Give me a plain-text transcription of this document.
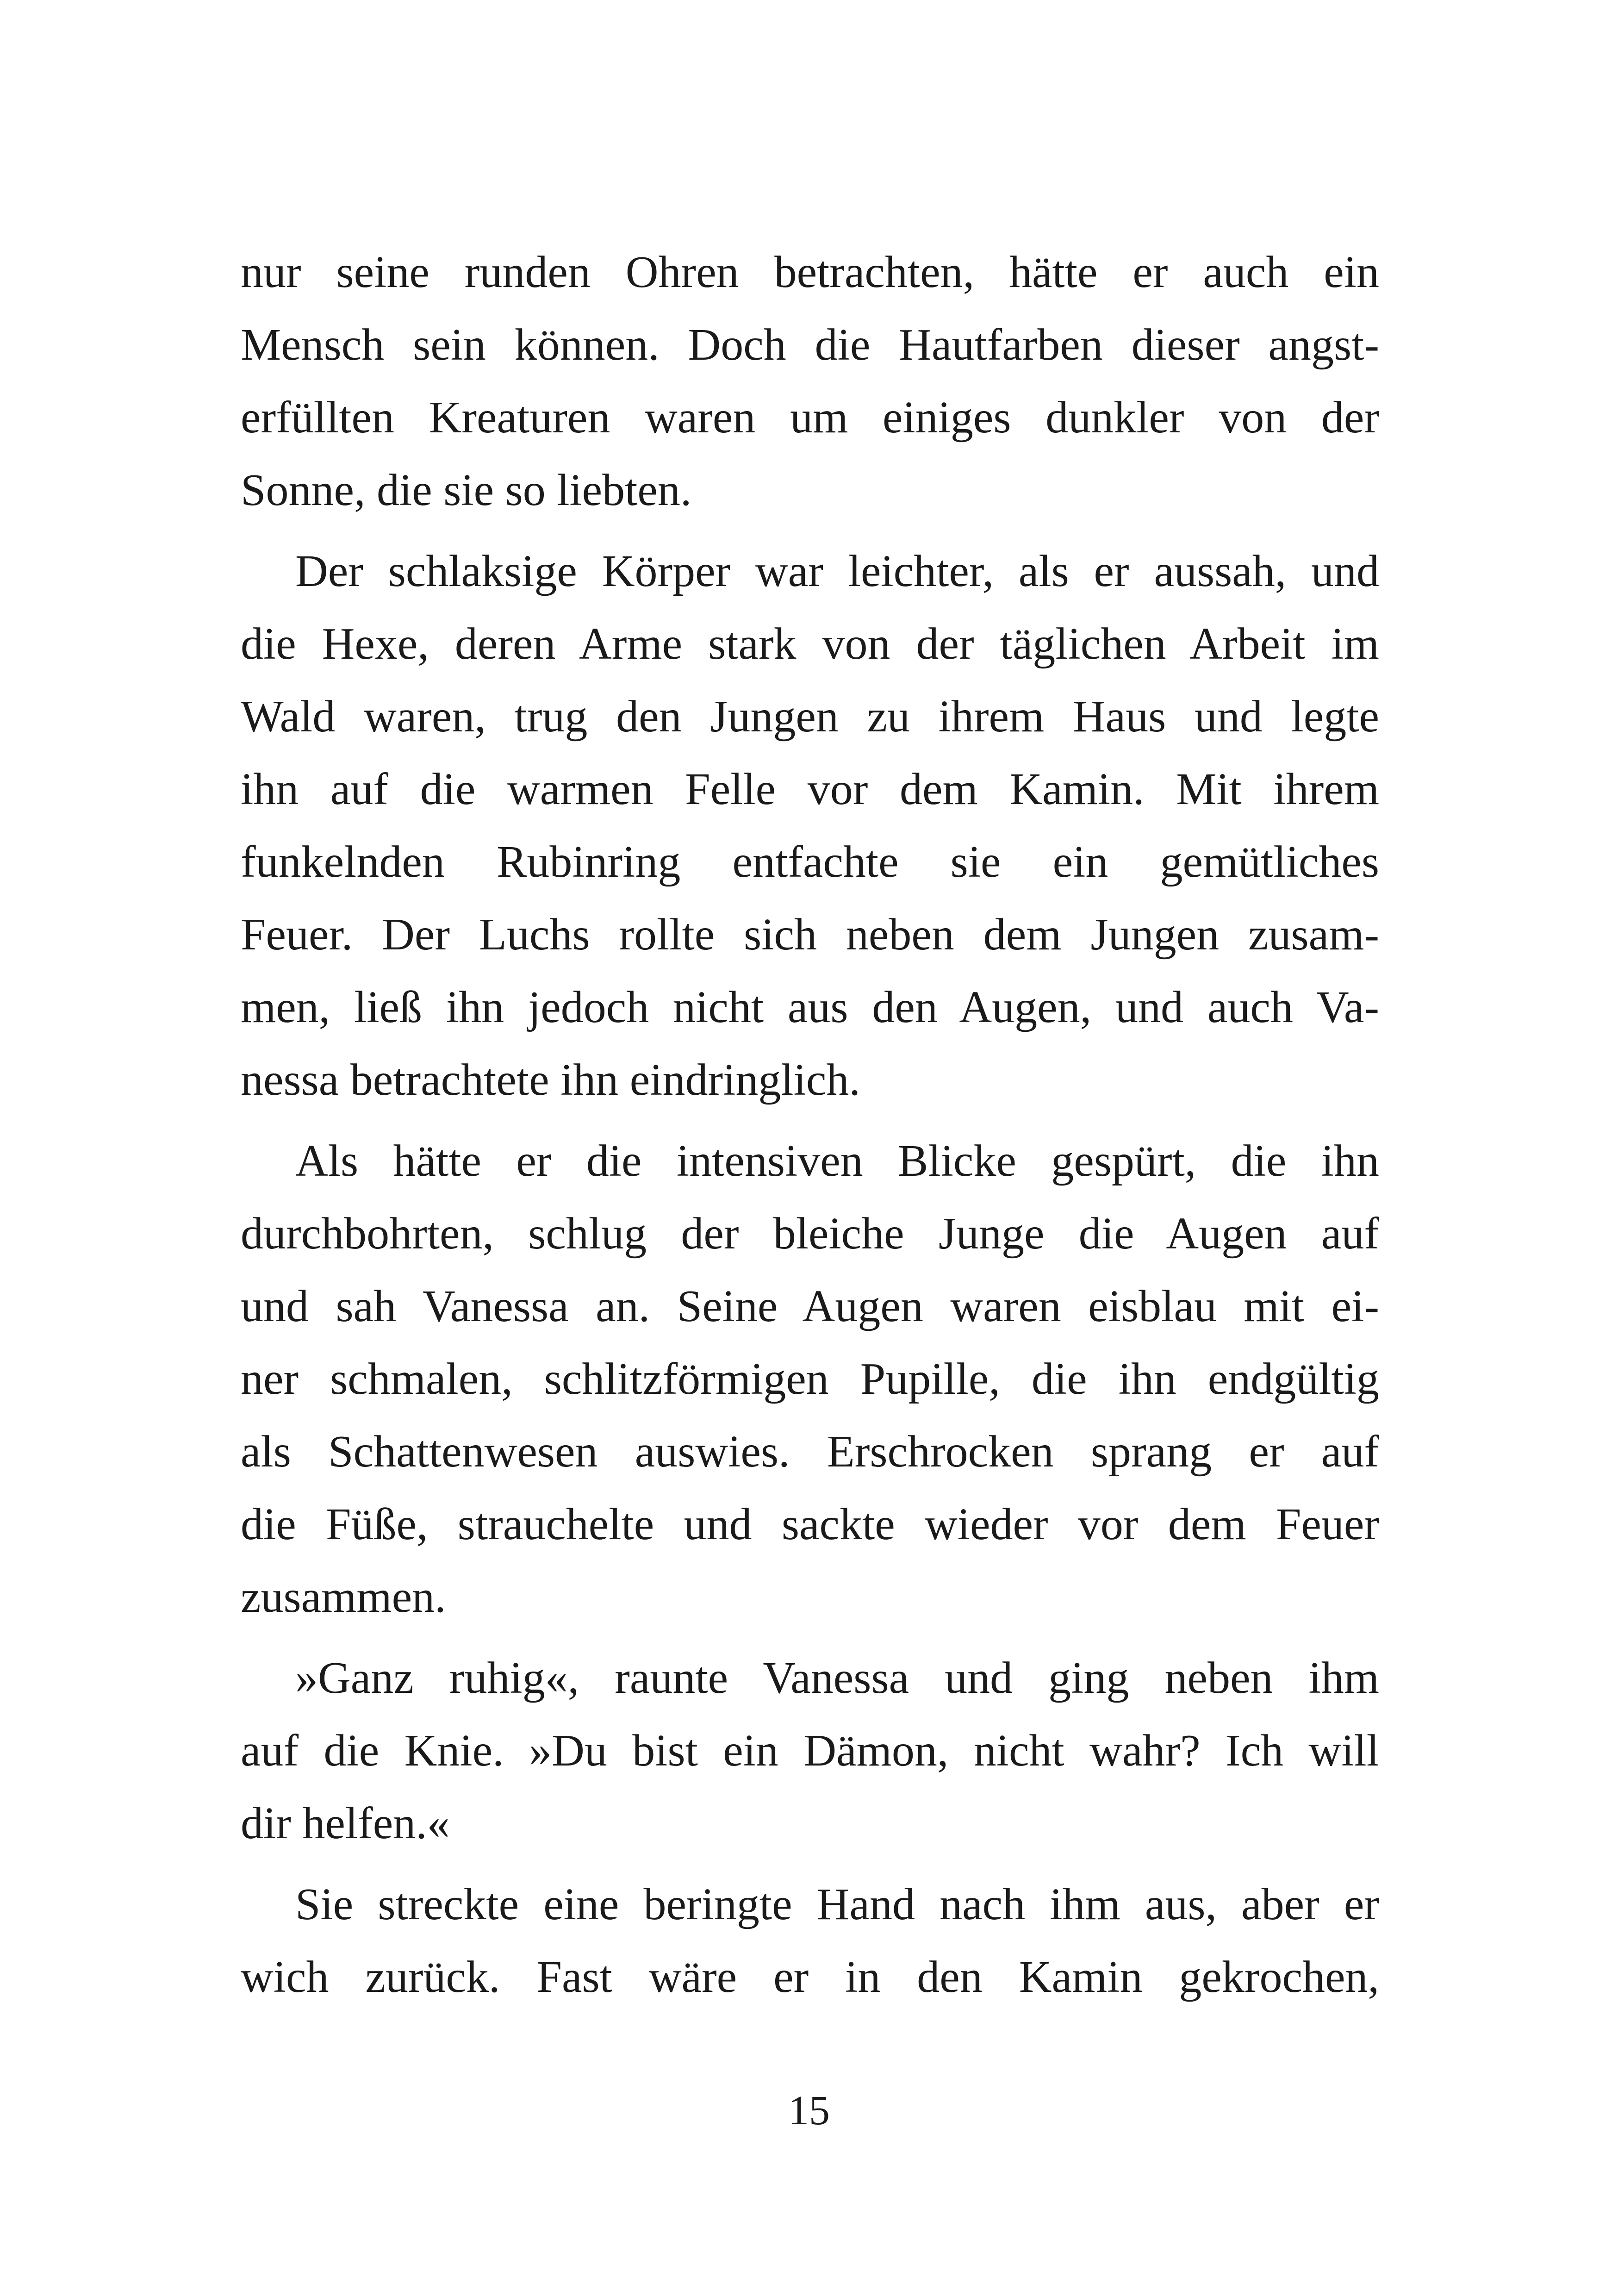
nur seine runden Ohren betrachten, hätte er auch ein
Mensch sein können. Doch die Hautfarben dieser angst-
erfüllten Kreaturen waren um einiges dunkler von der
Sonne, die sie so liebten.
Der schlaksige Körper war leichter, als er aussah, und
die Hexe, deren Arme stark von der täglichen Arbeit im
Wald waren, trug den Jungen zu ihrem Haus und legte
ihn auf die warmen Felle vor dem Kamin. Mit ihrem
funkelnden Rubinring entfachte sie ein gemütliches
Feuer. Der Luchs rollte sich neben dem Jungen zusam-
men, ließ ihn jedoch nicht aus den Augen, und auch Va-
nessa betrachtete ihn eindringlich.
Als hätte er die intensiven Blicke gespürt, die ihn
durchbohrten, schlug der bleiche Junge die Augen auf
und sah Vanessa an. Seine Augen waren eisblau mit ei-
ner schmalen, schlitzförmigen Pupille, die ihn endgültig
als Schattenwesen auswies. Erschrocken sprang er auf
die Füße, strauchelte und sackte wieder vor dem Feuer
zusammen.
»Ganz ruhig«, raunte Vanessa und ging neben ihm
auf die Knie. »Du bist ein Dämon, nicht wahr? Ich will
dir helfen.«
Sie streckte eine beringte Hand nach ihm aus, aber er
wich zurück. Fast wäre er in den Kamin gekrochen,
15
